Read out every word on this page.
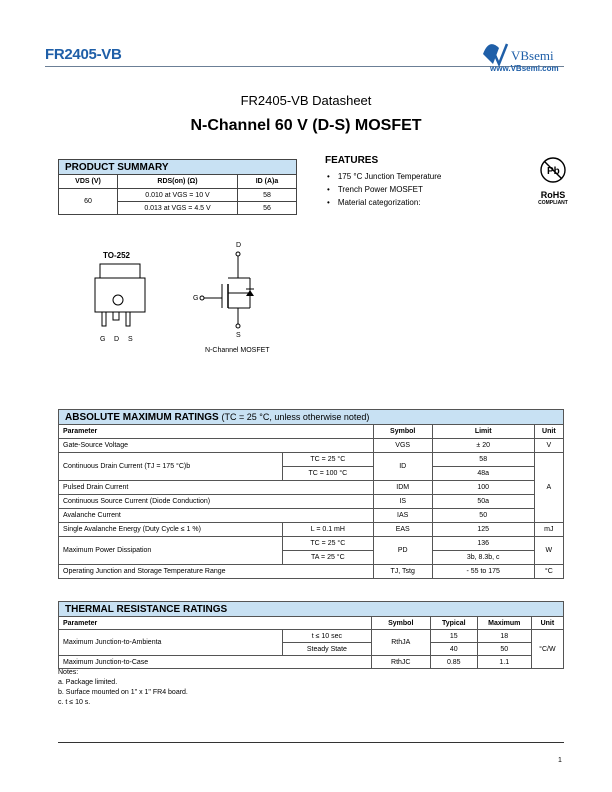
FR2405-VB	VBsemi
www.VBsemi.com
FR2405-VB Datasheet
N-Channel 60 V (D-S) MOSFET
PRODUCT SUMMARY		
VDS (V)	RDS(on) (Ω)	ID (A)a
60	0.010 at VGS = 10 V	58
	0.013 at VGS = 4.5 V	56
FEATURES
• 175 °C Junction Temperature
• Trench Power MOSFET
• Material categorization:
Pb
RoHS
COMPLIANT
TO-252
G D S
D
G
S
N-Channel MOSFET
ABSOLUTE MAXIMUM RATINGS (TC = 25 °C, unless otherwise noted)				
Parameter		Symbol	Limit	Unit
Gate-Source Voltage		VGS	± 20	V
Continuous Drain Current (TJ = 175 °C)b	TC = 25 °C	ID	58	A
	TC = 100 °C		48a	
Pulsed Drain Current		IDM	100	
Continuous Source Current (Diode Conduction)		IS	50a	
Avalanche Current		IAS	50	
Single Avalanche Energy (Duty Cycle ≤ 1 %)	L = 0.1 mH	EAS	125	mJ
Maximum Power Dissipation	TC = 25 °C	PD	136	W
	TA = 25 °C		3b, 8.3b, c	
Operating Junction and Storage Temperature Range		TJ, Tstg	- 55 to 175	°C
THERMAL RESISTANCE RATINGS					
Parameter		Symbol	Typical	Maximum	Unit
Maximum Junction-to-Ambienta	t ≤ 10 sec	RthJA	15	18	°C/W
	Steady State		40	50	
Maximum Junction-to-Case		RthJC	0.85	1.1	
Notes:
a. Package limited.
b. Surface mounted on 1" x 1" FR4 board.
c. t ≤ 10 s.
1
